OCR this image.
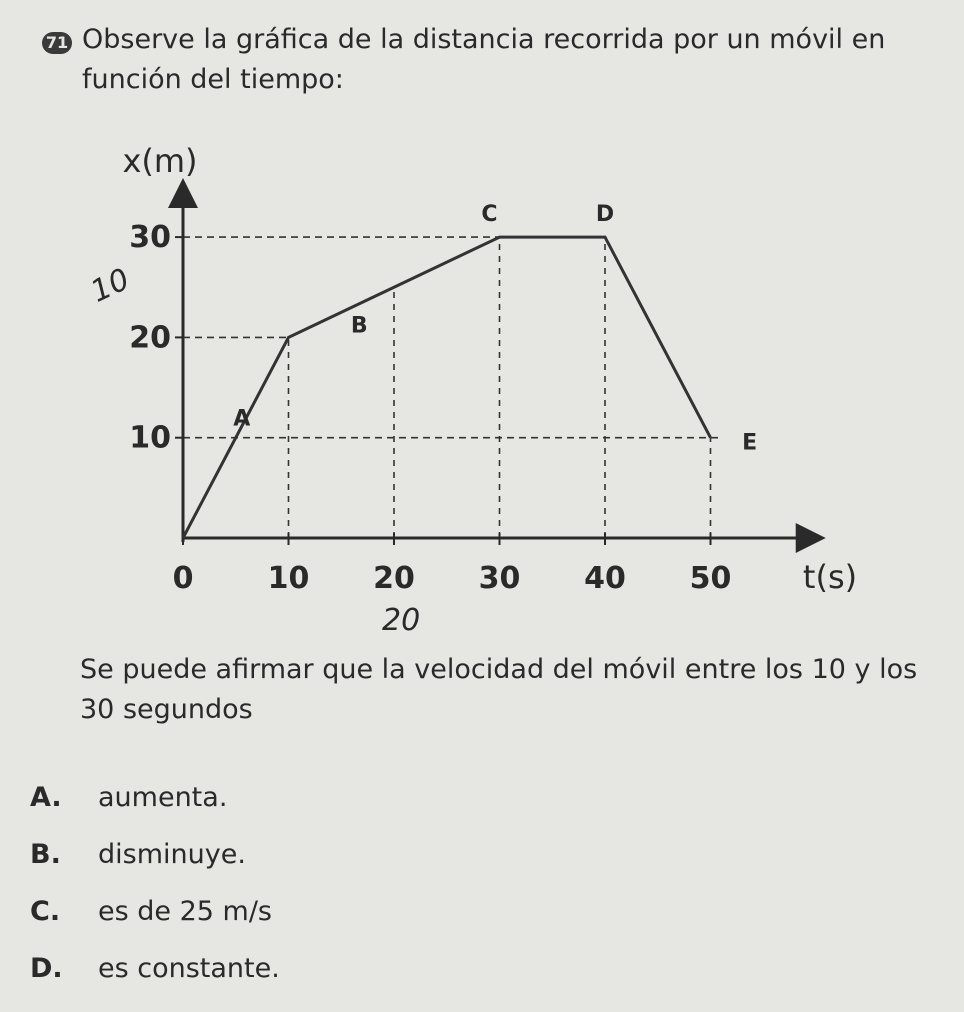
71 Observe la gráfica de la distancia recorrida por un móvil en función del tiempo:
10
20
30
0 10 20 30 40 50
x(m)
t(s)
A
B
C	D
E
10
20
Se puede afirmar que la velocidad del móvil entre los 10 y los 30 segundos
A. aumenta.
B. disminuye.
C. es de 25 m/s
D. es constante.
